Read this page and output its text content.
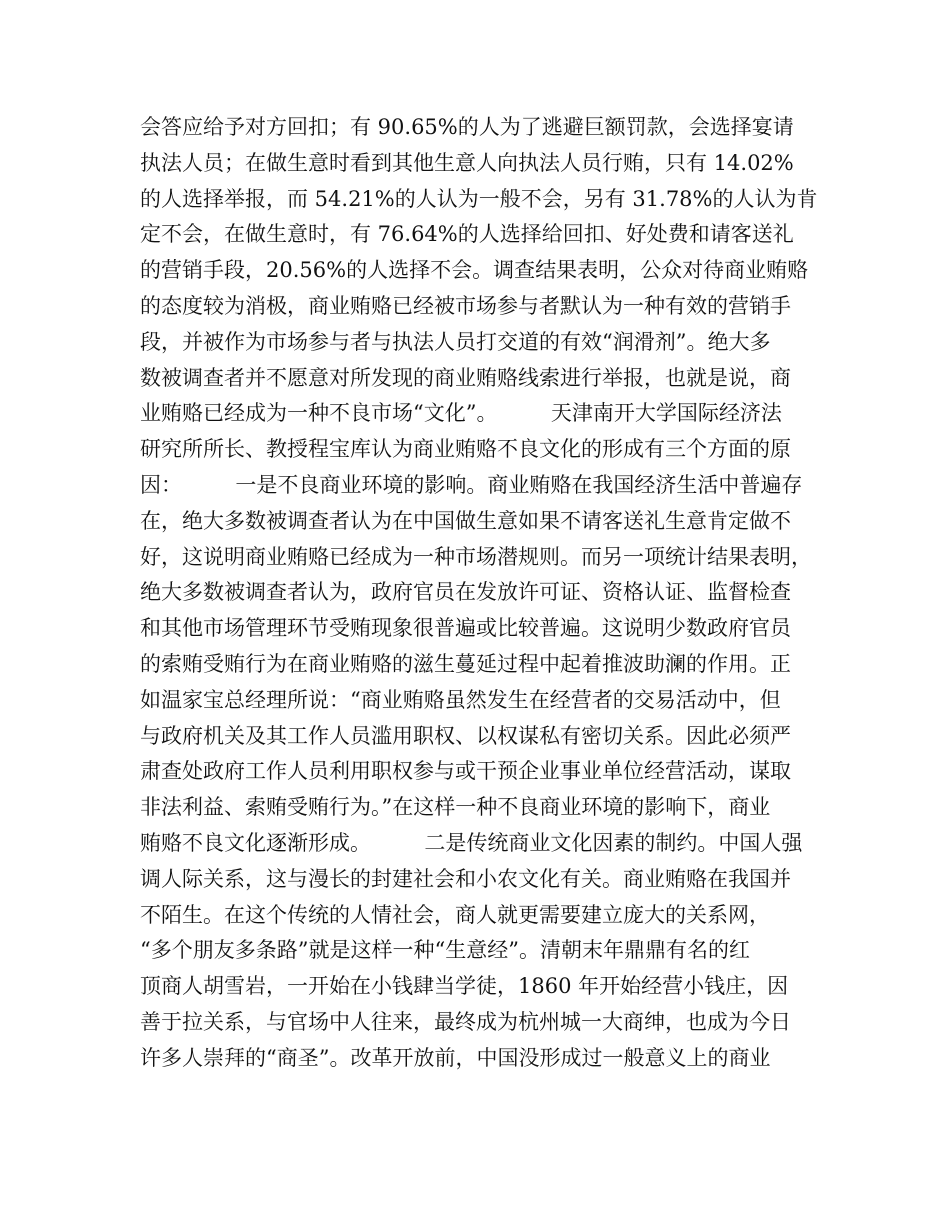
会答应给予对方回扣；有 90.65%的人为了逃避巨额罚款，会选择宴请
执法人员；在做生意时看到其他生意人向执法人员行贿，只有 14.02%
的人选择举报，而 54.21%的人认为一般不会，另有 31.78%的人认为肯
定不会，在做生意时，有 76.64%的人选择给回扣、好处费和请客送礼
的营销手段，20.56%的人选择不会。调查结果表明，公众对待商业贿赂
的态度较为消极，商业贿赂已经被市场参与者默认为一种有效的营销手
段，并被作为市场参与者与执法人员打交道的有效“润滑剂”。绝大多
数被调查者并不愿意对所发现的商业贿赂线索进行举报，也就是说，商
业贿赂已经成为一种不良市场“文化”。        天津南开大学国际经济法
研究所所长、教授程宝库认为商业贿赂不良文化的形成有三个方面的原
因：        一是不良商业环境的影响。商业贿赂在我国经济生活中普遍存
在，绝大多数被调查者认为在中国做生意如果不请客送礼生意肯定做不
好，这说明商业贿赂已经成为一种市场潜规则。而另一项统计结果表明，
绝大多数被调查者认为，政府官员在发放许可证、资格认证、监督检查
和其他市场管理环节受贿现象很普遍或比较普遍。这说明少数政府官员
的索贿受贿行为在商业贿赂的滋生蔓延过程中起着推波助澜的作用。正
如温家宝总经理所说：“商业贿赂虽然发生在经营者的交易活动中，但
与政府机关及其工作人员滥用职权、以权谋私有密切关系。因此必须严
肃查处政府工作人员利用职权参与或干预企业事业单位经营活动，谋取
非法利益、索贿受贿行为。”在这样一种不良商业环境的影响下，商业
贿赂不良文化逐渐形成。        二是传统商业文化因素的制约。中国人强
调人际关系，这与漫长的封建社会和小农文化有关。商业贿赂在我国并
不陌生。在这个传统的人情社会，商人就更需要建立庞大的关系网，
“多个朋友多条路”就是这样一种“生意经”。清朝末年鼎鼎有名的红
顶商人胡雪岩，一开始在小钱肆当学徒，1860 年开始经营小钱庄，因
善于拉关系，与官场中人往来，最终成为杭州城一大商绅，也成为今日
许多人崇拜的“商圣”。改革开放前，中国没形成过一般意义上的商业
